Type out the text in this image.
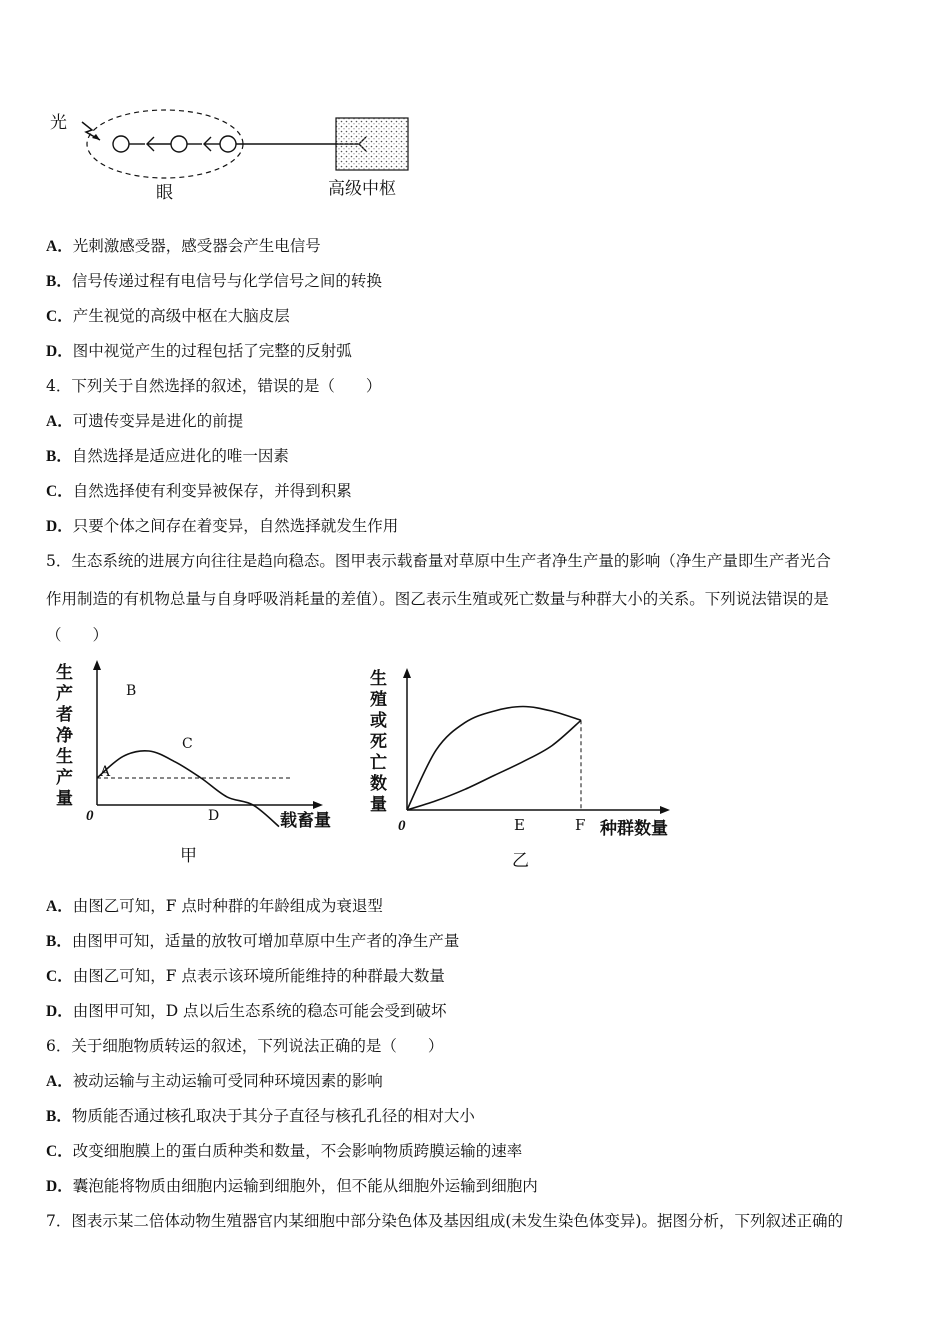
光
眼	高级中枢
A．光刺激感受器，感受器会产生电信号
B．信号传递过程有电信号与化学信号之间的转换
C．产生视觉的高级中枢在大脑皮层
D．图中视觉产生的过程包括了完整的反射弧
4．下列关于自然选择的叙述，错误的是（　　）
A．可遗传变异是进化的前提
B．自然选择是适应进化的唯一因素
C．自然选择使有利变异被保存，并得到积累
D．只要个体之间存在着变异，自然选择就发生作用
5．生态系统的进展方向往往是趋向稳态。图甲表示载畜量对草原中生产者净生产量的影响（净生产量即生产者光合
作用制造的有机物总量与自身呼吸消耗量的差值）。图乙表示生殖或死亡数量与种群大小的关系。下列说法错误的是
（　　）
生
产
者
净
生
产
量
0
A
B
C
D	载畜量
甲
生
殖
或
死
亡
数
量
0	E	F 种群数量
乙
A．由图乙可知，F 点时种群的年龄组成为衰退型
B．由图甲可知，适量的放牧可增加草原中生产者的净生产量
C．由图乙可知，F 点表示该环境所能维持的种群最大数量
D．由图甲可知，D 点以后生态系统的稳态可能会受到破坏
6．关于细胞物质转运的叙述，下列说法正确的是（　　）
A．被动运输与主动运输可受同种环境因素的影响
B．物质能否通过核孔取决于其分子直径与核孔孔径的相对大小
C．改变细胞膜上的蛋白质种类和数量，不会影响物质跨膜运输的速率
D．囊泡能将物质由细胞内运输到细胞外，但不能从细胞外运输到细胞内
7．图表示某二倍体动物生殖器官内某细胞中部分染色体及基因组成(未发生染色体变异)。据图分析，下列叙述正确的
